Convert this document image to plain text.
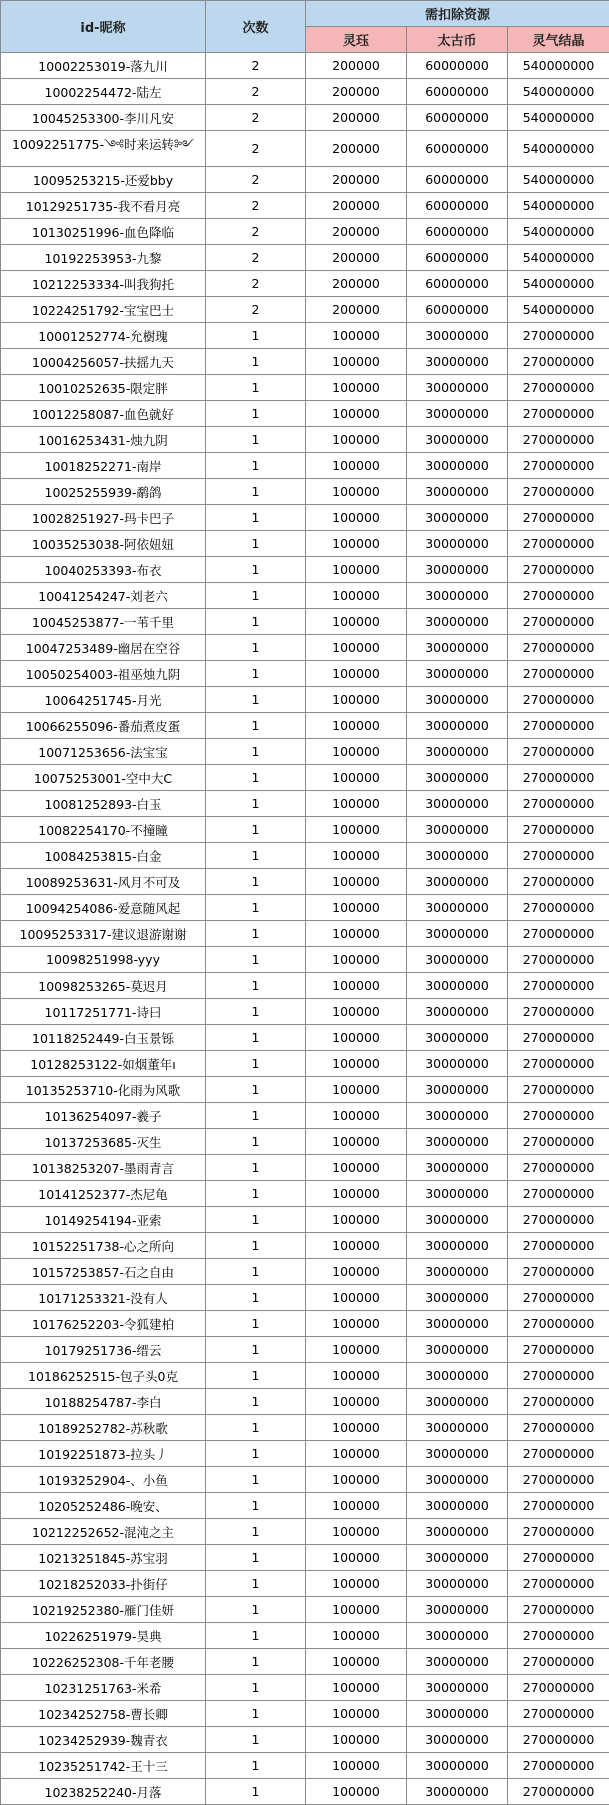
id-昵称	次数	需扣除资源		
		灵珏	太古币	灵气结晶
10002253019-落九川	2	200000	60000000	540000000
10002254472-陆左	2	200000	60000000	540000000
10045253300-李川凡安	2	200000	60000000	540000000
10092251775-༺时来运转༻	2	200000	60000000	540000000
10095253215-还爱bby	2	200000	60000000	540000000
10129251735-我不看月亮	2	200000	60000000	540000000
10130251996-血色降临	2	200000	60000000	540000000
10192253953-九黎	2	200000	60000000	540000000
10212253334-叫我狗托	2	200000	60000000	540000000
10224251792-宝宝巴士	2	200000	60000000	540000000
10001252774-允樹瑰	1	100000	30000000	270000000
10004256057-扶摇九天	1	100000	30000000	270000000
10010252635-限定胖	1	100000	30000000	270000000
10012258087-血色就好	1	100000	30000000	270000000
10016253431-烛九阴	1	100000	30000000	270000000
10018252271-南岸	1	100000	30000000	270000000
10025255939-鹬鸽	1	100000	30000000	270000000
10028251927-玛卡巴子	1	100000	30000000	270000000
10035253038-阿依妞妞	1	100000	30000000	270000000
10040253393-布衣	1	100000	30000000	270000000
10041254247-刘老六	1	100000	30000000	270000000
10045253877-一苇千里	1	100000	30000000	270000000
10047253489-幽居在空谷	1	100000	30000000	270000000
10050254003-祖巫烛九阴	1	100000	30000000	270000000
10064251745-月光	1	100000	30000000	270000000
10066255096-番茄煮皮蛋	1	100000	30000000	270000000
10071253656-法宝宝	1	100000	30000000	270000000
10075253001-空中大C	1	100000	30000000	270000000
10081252893-白玉	1	100000	30000000	270000000
10082254170-不撞瞳	1	100000	30000000	270000000
10084253815-白金	1	100000	30000000	270000000
10089253631-风月不可及	1	100000	30000000	270000000
10094254086-爱意随风起	1	100000	30000000	270000000
10095253317-建议退游谢谢	1	100000	30000000	270000000
10098251998-yyy	1	100000	30000000	270000000
10098253265-莫迟月	1	100000	30000000	270000000
10117251771-诗曰	1	100000	30000000	270000000
10118252449-白玉景铄	1	100000	30000000	270000000
10128253122-如烟董年ı	1	100000	30000000	270000000
10135253710-化雨为风歌	1	100000	30000000	270000000
10136254097-羲子	1	100000	30000000	270000000
10137253685-灭生	1	100000	30000000	270000000
10138253207-墨雨青言	1	100000	30000000	270000000
10141252377-杰尼龟	1	100000	30000000	270000000
10149254194-亚索	1	100000	30000000	270000000
10152251738-心之所向	1	100000	30000000	270000000
10157253857-石之自由	1	100000	30000000	270000000
10171253321-没有人	1	100000	30000000	270000000
10176252203-令狐建柏	1	100000	30000000	270000000
10179251736-缙云	1	100000	30000000	270000000
10186252515-包子头0克	1	100000	30000000	270000000
10188254787-李白	1	100000	30000000	270000000
10189252782-苏秋歌	1	100000	30000000	270000000
10192251873-拉头丿	1	100000	30000000	270000000
10193252904-、小鱼	1	100000	30000000	270000000
10205252486-晚安、	1	100000	30000000	270000000
10212252652-混沌之主	1	100000	30000000	270000000
10213251845-苏宝羽	1	100000	30000000	270000000
10218252033-扑街仔	1	100000	30000000	270000000
10219252380-雁门佳妍	1	100000	30000000	270000000
10226251979-昊典	1	100000	30000000	270000000
10226252308-千年老腰	1	100000	30000000	270000000
10231251763-米希	1	100000	30000000	270000000
10234252758-曹长卿	1	100000	30000000	270000000
10234252939-魏青衣	1	100000	30000000	270000000
10235251742-王十三	1	100000	30000000	270000000
10238252240-月落	1	100000	30000000	270000000
